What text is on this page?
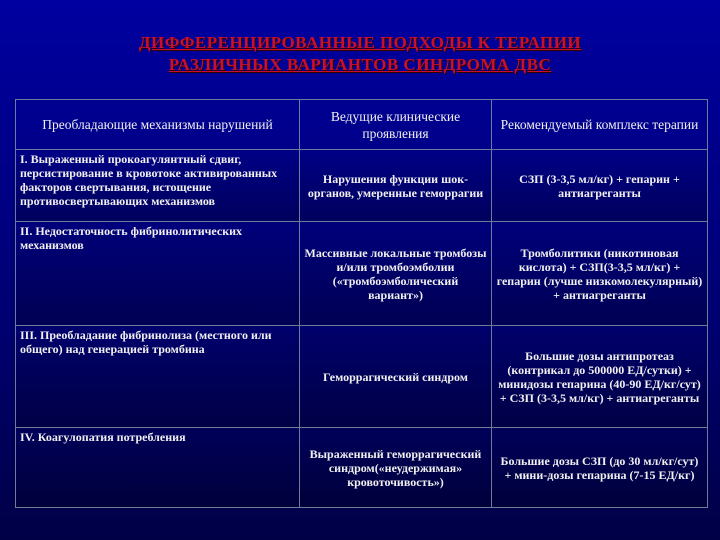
ДИФФЕРЕНЦИРОВАННЫЕ ПОДХОДЫ К ТЕРАПИИ
РАЗЛИЧНЫХ ВАРИАНТОВ СИНДРОМА ДВС
Преобладающие механизмы нарушений	Ведущие клинические проявления	Рекомендуемый комплекс терапии
I. Выраженный прокоагулянтный сдвиг, персистирование в кровотоке активированных факторов свертывания, истощение противосвертывающих механизмов	Нарушения функции шок-органов, умеренные геморрагии	СЗП (3-3,5 мл/кг) + гепарин + антиагреганты
II. Недостаточность фибринолитических механизмов	Массивные локальные тромбозы и/или тромбоэмболии («тромбоэмболический вариант»)	Тромболитики (никотиновая кислота) + СЗП(3-3,5 мл/кг) + гепарин (лучше низкомолекулярный) + антиагреганты
III. Преобладание фибринолиза (местного или общего) над генерацией тромбина	Геморрагический синдром	Большие дозы антипротеаз (контрикал до 500000 ЕД/сутки) + минидозы гепарина (40-90 ЕД/кг/сут) + СЗП (3-3,5 мл/кг) + антиагреганты
IV. Коагулопатия потребления	Выраженный геморрагический синдром(«неудержимая» кровоточивость»)	Большие дозы СЗП (до 30 мл/кг/сут) + мини-дозы гепарина (7-15 ЕД/кг)
